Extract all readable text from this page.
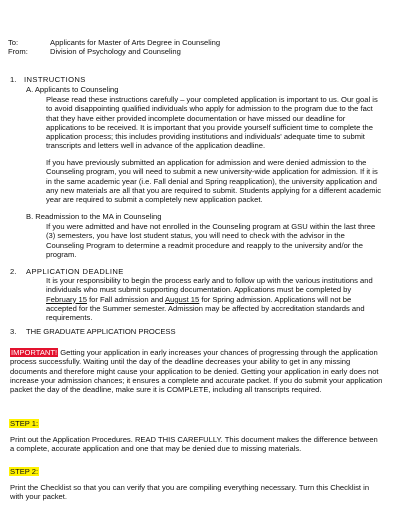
To:	Applicants for Master of Arts Degree in Counseling
From:	Division of Psychology and Counseling
1. INSTRUCTIONS
A. Applicants to Counseling

Please read these instructions carefully – your completed application is important to us. Our goal is to avoid disappointing qualified individuals who apply for admission to the program due to the fact that they have either provided incomplete documentation or have missed our deadline for applications to be received. It is important that you provide yourself sufficient time to complete the application process; this includes providing institutions and individuals' adequate time to submit transcripts and letters well in advance of the application deadline.

If you have previously submitted an application for admission and were denied admission to the Counseling program, you will need to submit a new university-wide application for admission. If it is in the same academic year (i.e. Fall denial and Spring reapplication), the university application and any new materials are all that you are required to submit. Students applying for a different academic year are required to submit a completely new application packet.

B. Readmission to the MA in Counseling

If you were admitted and have not enrolled in the Counseling program at GSU within the last three (3) semesters, you have lost student status, you will need to check with the advisor in the Counseling Program to determine a readmit procedure and reapply to the university and/or the program.

2. APPLICATION DEADLINE

It is your responsibility to begin the process early and to follow up with the various institutions and individuals who must submit supporting documentation. Applications must be completed by February 15 for Fall admission and August 15 for Spring admission. Applications will not be accepted for the Summer semester. Admission may be affected by accreditation standards and requirements.

3. THE GRADUATE APPLICATION PROCESS

IMPORTANT! Getting your application in early increases your chances of progressing through the application process successfully. Waiting until the day of the deadline decreases your ability to get in any missing documents and therefore might cause your application to be denied. Getting your application in early does not increase your admission chances; it ensures a complete and accurate packet. If you do submit your application packet the day of the deadline, make sure it is COMPLETE, including all transcripts required.

STEP 1:

Print out the Application Procedures. READ THIS CAREFULLY. This document makes the difference between a complete, accurate application and one that may be denied due to missing materials.

STEP 2:

Print the Checklist so that you can verify that you are compiling everything necessary. Turn this Checklist in with your packet.
